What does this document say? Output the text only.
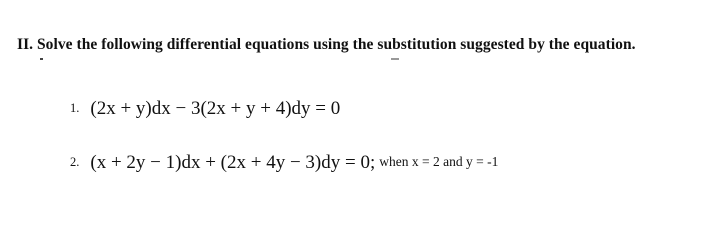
II. Solve the following differential equations using the substitution suggested by the equation.
1. (2x + y)dx − 3(2x + y + 4)dy = 0
2. (x + 2y − 1)dx + (2x + 4y − 3)dy = 0; when x = 2 and y = -1
